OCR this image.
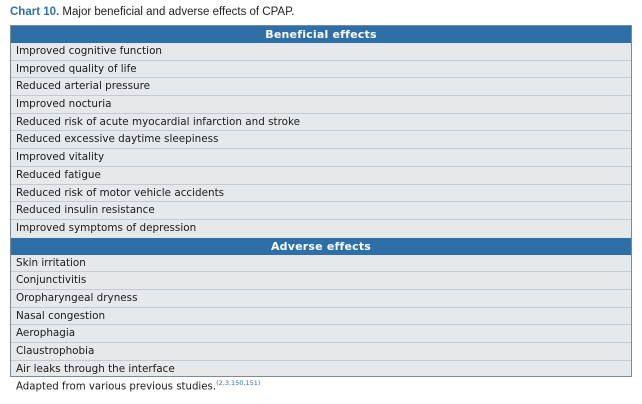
Chart 10. Major beneficial and adverse effects of CPAP.
Beneficial effects
Improved cognitive function
Improved quality of life
Reduced arterial pressure
Improved nocturia
Reduced risk of acute myocardial infarction and stroke
Reduced excessive daytime sleepiness
Improved vitality
Reduced fatigue
Reduced risk of motor vehicle accidents
Reduced insulin resistance
Improved symptoms of depression
Adverse effects
Skin irritation
Conjunctivitis
Oropharyngeal dryness
Nasal congestion
Aerophagia
Claustrophobia
Air leaks through the interface
Adapted from various previous studies.$^{(2,3,150,151)}$
